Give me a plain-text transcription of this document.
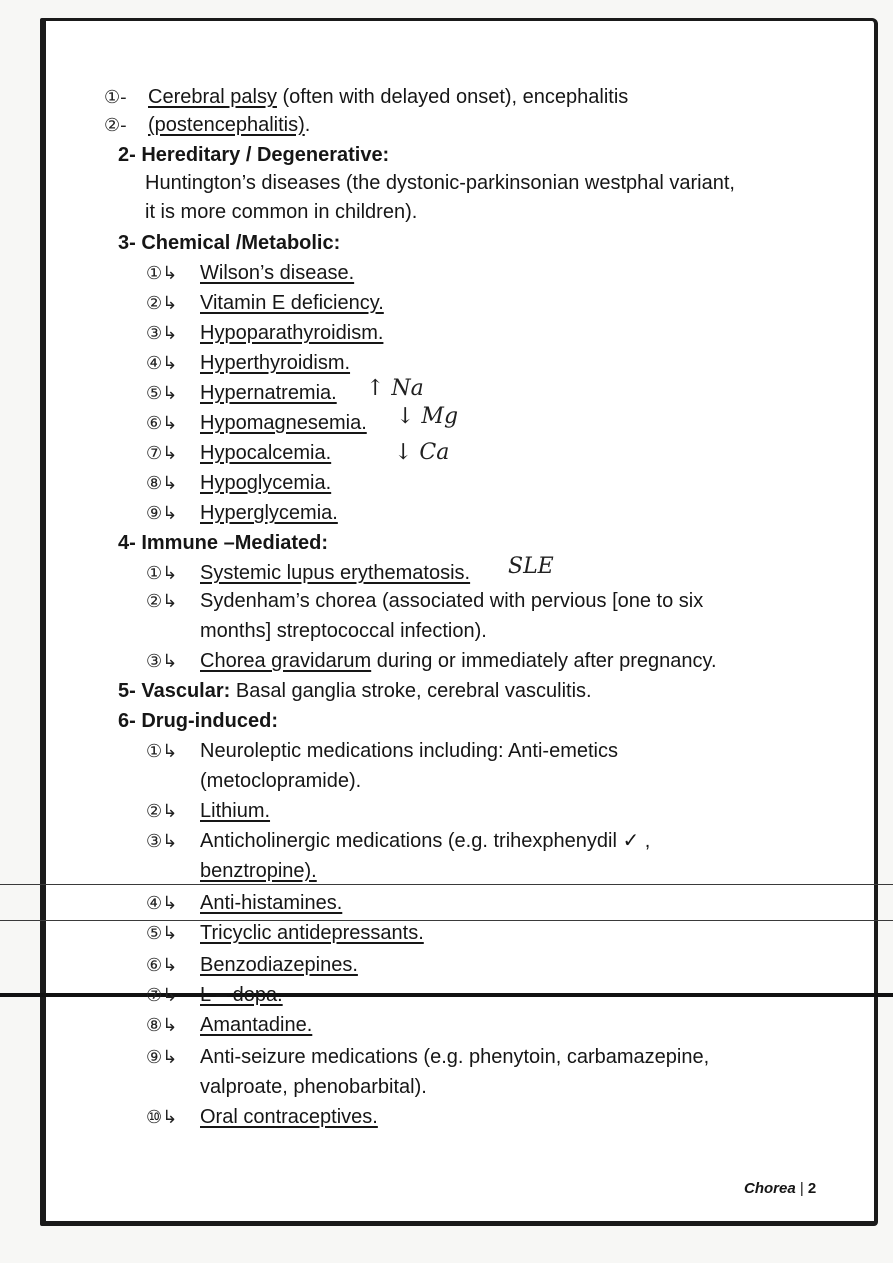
①- Cerebral palsy (often with delayed onset), encephalitis
②- (postencephalitis).
2- Hereditary / Degenerative:
Huntington’s diseases (the dystonic-parkinsonian westphal variant,
it is more common in children).
3- Chemical /Metabolic:
①↳ Wilson’s disease.
②↳ Vitamin E deficiency.
③↳ Hypoparathyroidism.
④↳ Hyperthyroidism.
⑤↳ Hypernatremia.
⑥↳ Hypomagnesemia.
⑦↳ Hypocalcemia.
⑧↳ Hypoglycemia.
⑨↳ Hyperglycemia.
↑ Na
↓ Mg
↓ Ca
4- Immune –Mediated:
①↳ Systemic lupus erythematosis. SLE
②↳ Sydenham’s chorea (associated with pervious [one to six
months] streptococcal infection).
③↳ Chorea gravidarum during or immediately after pregnancy.
5- Vascular: Basal ganglia stroke, cerebral vasculitis.
6- Drug-induced:
①↳ Neuroleptic medications including: Anti-emetics
(metoclopramide).
②↳ Lithium.
③↳ Anticholinergic medications (e.g. trihexphenydil ✓ ,
benztropine).
④↳ Anti-histamines.
⑤↳ Tricyclic antidepressants.
⑥↳ Benzodiazepines.
⑦↳ L – dopa.
⑧↳ Amantadine.
⑨↳ Anti-seizure medications (e.g. phenytoin, carbamazepine,
valproate, phenobarbital).
⑩↳ Oral contraceptives.
Chorea | 2
